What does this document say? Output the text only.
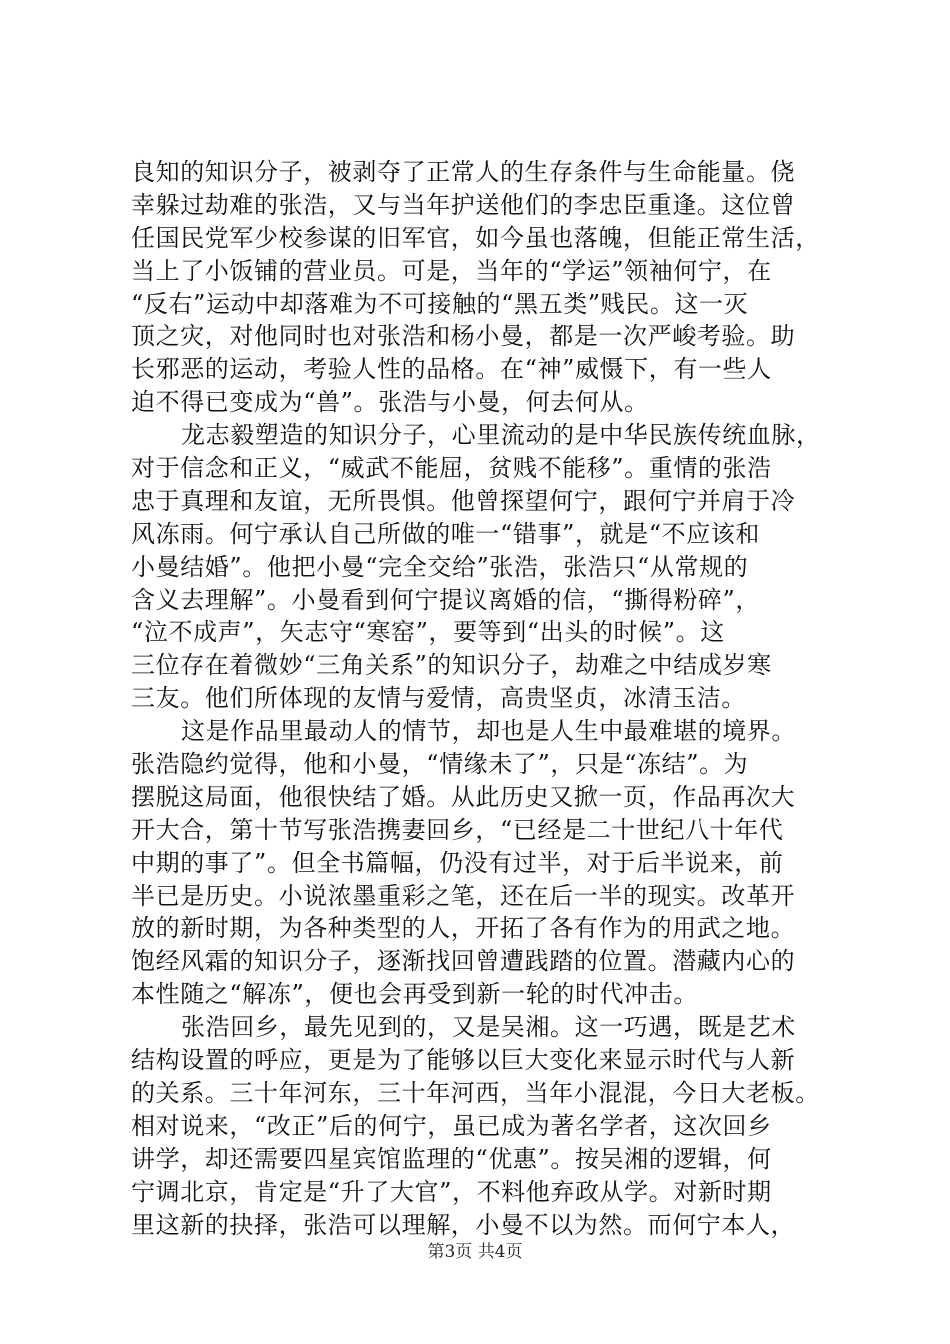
良知的知识分子，被剥夺了正常人的生存条件与生命能量。侥
幸躲过劫难的张浩，又与当年护送他们的李忠臣重逢。这位曾
任国民党军少校参谋的旧军官，如今虽也落魄，但能正常生活，
当上了小饭铺的营业员。可是，当年的“学运”领袖何宁，在
“反右”运动中却落难为不可接触的“黑五类”贱民。这一灭
顶之灾，对他同时也对张浩和杨小曼，都是一次严峻考验。助
长邪恶的运动，考验人性的品格。在“神”威慑下，有一些人
迫不得已变成为“兽”。张浩与小曼，何去何从。
龙志毅塑造的知识分子，心里流动的是中华民族传统血脉，
对于信念和正义，“威武不能屈，贫贱不能移”。重情的张浩
忠于真理和友谊，无所畏惧。他曾探望何宁，跟何宁并肩于冷
风冻雨。何宁承认自己所做的唯一“错事”，就是“不应该和
小曼结婚”。他把小曼“完全交给”张浩，张浩只“从常规的
含义去理解”。小曼看到何宁提议离婚的信，“撕得粉碎”，
“泣不成声”，矢志守“寒窑”，要等到“出头的时候”。这
三位存在着微妙“三角关系”的知识分子，劫难之中结成岁寒
三友。他们所体现的友情与爱情，高贵坚贞，冰清玉洁。
这是作品里最动人的情节，却也是人生中最难堪的境界。
张浩隐约觉得，他和小曼，“情缘未了”，只是“冻结”。为
摆脱这局面，他很快结了婚。从此历史又掀一页，作品再次大
开大合，第十节写张浩携妻回乡，“已经是二十世纪八十年代
中期的事了”。但全书篇幅，仍没有过半，对于后半说来，前
半已是历史。小说浓墨重彩之笔，还在后一半的现实。改革开
放的新时期，为各种类型的人，开拓了各有作为的用武之地。
饱经风霜的知识分子，逐渐找回曾遭践踏的位置。潜藏内心的
本性随之“解冻”，便也会再受到新一轮的时代冲击。
张浩回乡，最先见到的，又是吴湘。这一巧遇，既是艺术
结构设置的呼应，更是为了能够以巨大变化来显示时代与人新
的关系。三十年河东，三十年河西，当年小混混，今日大老板。
相对说来，“改正”后的何宁，虽已成为著名学者，这次回乡
讲学，却还需要四星宾馆监理的“优惠”。按吴湘的逻辑，何
宁调北京，肯定是“升了大官”，不料他弃政从学。对新时期
里这新的抉择，张浩可以理解，小曼不以为然。而何宁本人，
第3页 共4页
